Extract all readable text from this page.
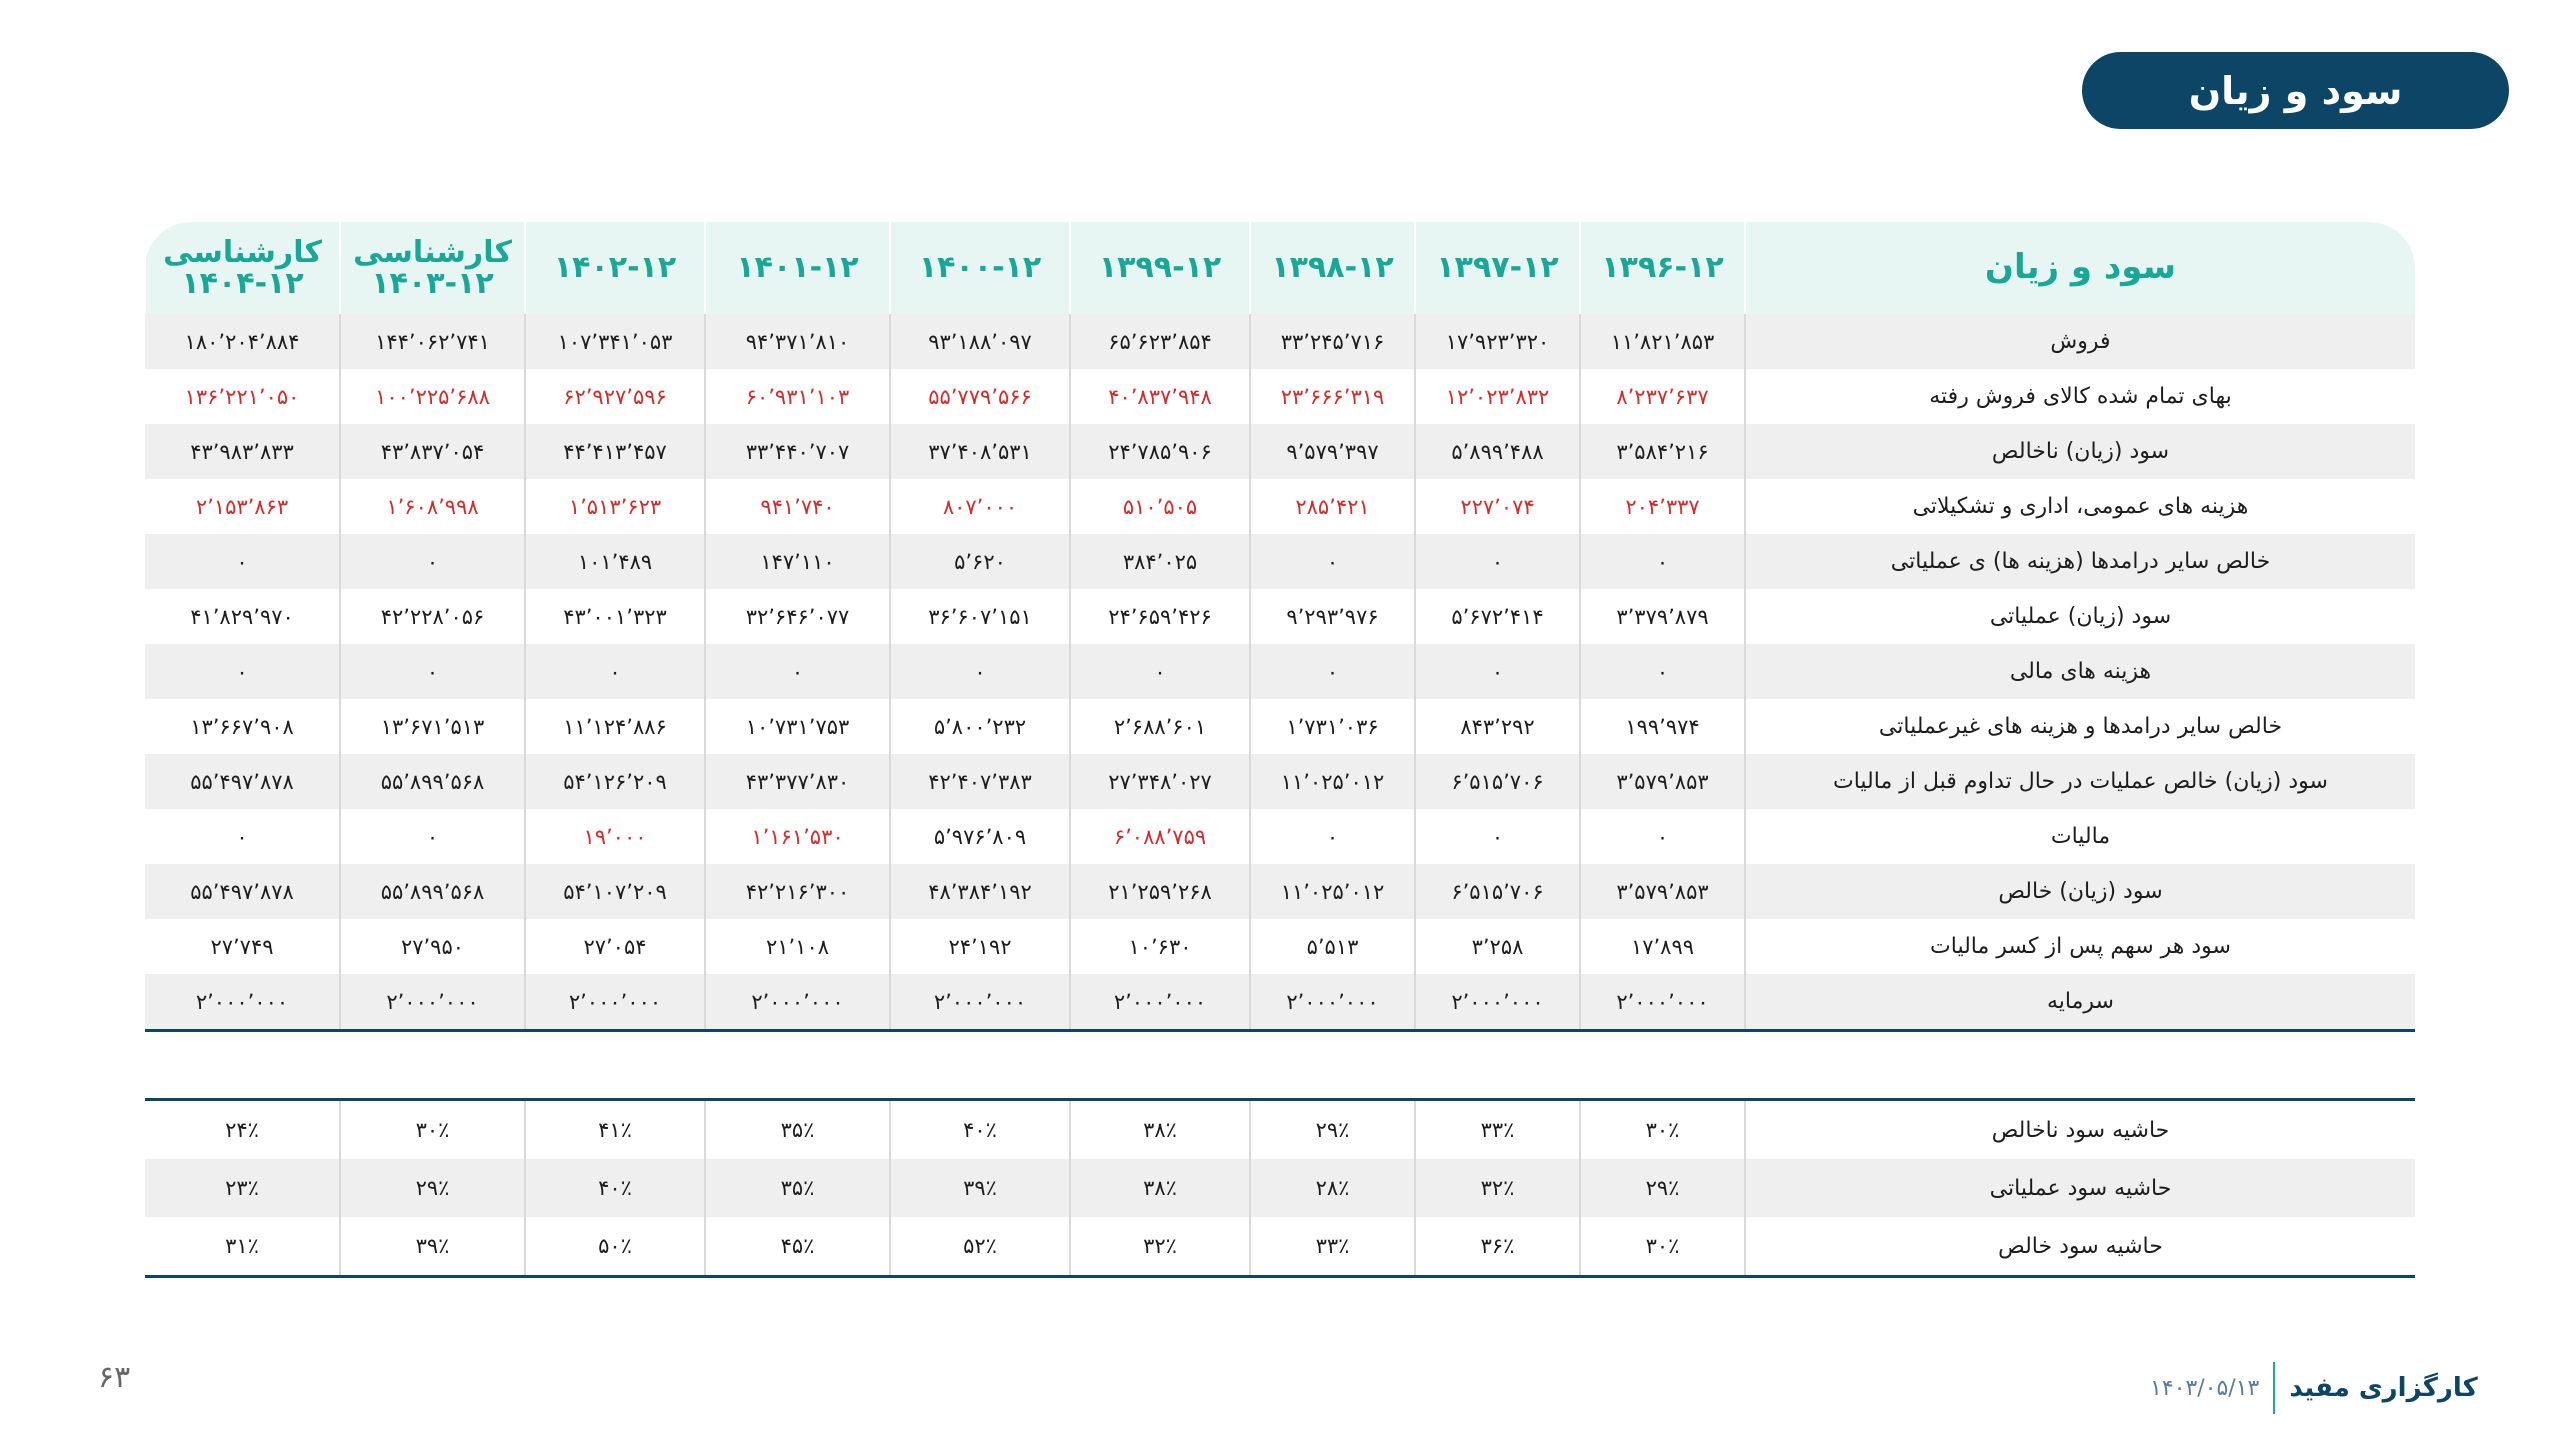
سود و زیان
سود و زیان	۱۳۹۶-۱۲	۱۳۹۷-۱۲	۱۳۹۸-۱۲	۱۳۹۹-۱۲	۱۴۰۰-۱۲	۱۴۰۱-۱۲	۱۴۰۲-۱۲	کارشناسی ۱۲-۱۴۰۳	کارشناسی ۱۲-۱۴۰۴
فروش	۱۱٬۸۲۱٬۸۵۳	۱۷٬۹۲۳٬۳۲۰	۳۳٬۲۴۵٬۷۱۶	۶۵٬۶۲۳٬۸۵۴	۹۳٬۱۸۸٬۰۹۷	۹۴٬۳۷۱٬۸۱۰	۱۰۷٬۳۴۱٬۰۵۳	۱۴۴٬۰۶۲٬۷۴۱	۱۸۰٬۲۰۴٬۸۸۴
بهای تمام شده کالای فروش رفته	۸٬۲۳۷٬۶۳۷	۱۲٬۰۲۳٬۸۳۲	۲۳٬۶۶۶٬۳۱۹	۴۰٬۸۳۷٬۹۴۸	۵۵٬۷۷۹٬۵۶۶	۶۰٬۹۳۱٬۱۰۳	۶۲٬۹۲۷٬۵۹۶	۱۰۰٬۲۲۵٬۶۸۸	۱۳۶٬۲۲۱٬۰۵۰
سود (زیان) ناخالص	۳٬۵۸۴٬۲۱۶	۵٬۸۹۹٬۴۸۸	۹٬۵۷۹٬۳۹۷	۲۴٬۷۸۵٬۹۰۶	۳۷٬۴۰۸٬۵۳۱	۳۳٬۴۴۰٬۷۰۷	۴۴٬۴۱۳٬۴۵۷	۴۳٬۸۳۷٬۰۵۴	۴۳٬۹۸۳٬۸۳۳
هزینه های عمومی، اداری و تشکیلاتی	۲۰۴٬۳۳۷	۲۲۷٬۰۷۴	۲۸۵٬۴۲۱	۵۱۰٬۵۰۵	۸۰۷٬۰۰۰	۹۴۱٬۷۴۰	۱٬۵۱۳٬۶۲۳	۱٬۶۰۸٬۹۹۸	۲٬۱۵۳٬۸۶۳
خالص سایر درامدها (هزینه ها) ی عملیاتی	۰	۰	۰	۳۸۴٬۰۲۵	۵٬۶۲۰	۱۴۷٬۱۱۰	۱۰۱٬۴۸۹	۰	۰
سود (زیان) عملیاتی	۳٬۳۷۹٬۸۷۹	۵٬۶۷۲٬۴۱۴	۹٬۲۹۳٬۹۷۶	۲۴٬۶۵۹٬۴۲۶	۳۶٬۶۰۷٬۱۵۱	۳۲٬۶۴۶٬۰۷۷	۴۳٬۰۰۱٬۳۲۳	۴۲٬۲۲۸٬۰۵۶	۴۱٬۸۲۹٬۹۷۰
هزینه های مالی	۰	۰	۰	۰	۰	۰	۰	۰	۰
خالص سایر درامدها و هزینه های غیرعملیاتی	۱۹۹٬۹۷۴	۸۴۳٬۲۹۲	۱٬۷۳۱٬۰۳۶	۲٬۶۸۸٬۶۰۱	۵٬۸۰۰٬۲۳۲	۱۰٬۷۳۱٬۷۵۳	۱۱٬۱۲۴٬۸۸۶	۱۳٬۶۷۱٬۵۱۳	۱۳٬۶۶۷٬۹۰۸
سود (زیان) خالص عملیات در حال تداوم قبل از مالیات	۳٬۵۷۹٬۸۵۳	۶٬۵۱۵٬۷۰۶	۱۱٬۰۲۵٬۰۱۲	۲۷٬۳۴۸٬۰۲۷	۴۲٬۴۰۷٬۳۸۳	۴۳٬۳۷۷٬۸۳۰	۵۴٬۱۲۶٬۲۰۹	۵۵٬۸۹۹٬۵۶۸	۵۵٬۴۹۷٬۸۷۸
مالیات	۰	۰	۰	۶٬۰۸۸٬۷۵۹	۵٬۹۷۶٬۸۰۹	۱٬۱۶۱٬۵۳۰	۱۹٬۰۰۰	۰	۰
سود (زیان) خالص	۳٬۵۷۹٬۸۵۳	۶٬۵۱۵٬۷۰۶	۱۱٬۰۲۵٬۰۱۲	۲۱٬۲۵۹٬۲۶۸	۴۸٬۳۸۴٬۱۹۲	۴۲٬۲۱۶٬۳۰۰	۵۴٬۱۰۷٬۲۰۹	۵۵٬۸۹۹٬۵۶۸	۵۵٬۴۹۷٬۸۷۸
سود هر سهم پس از کسر مالیات	۱۷٬۸۹۹	۳٬۲۵۸	۵٬۵۱۳	۱۰٬۶۳۰	۲۴٬۱۹۲	۲۱٬۱۰۸	۲۷٬۰۵۴	۲۷٬۹۵۰	۲۷٬۷۴۹
سرمایه	۲٬۰۰۰٬۰۰۰	۲٬۰۰۰٬۰۰۰	۲٬۰۰۰٬۰۰۰	۲٬۰۰۰٬۰۰۰	۲٬۰۰۰٬۰۰۰	۲٬۰۰۰٬۰۰۰	۲٬۰۰۰٬۰۰۰	۲٬۰۰۰٬۰۰۰	۲٬۰۰۰٬۰۰۰

حاشیه سود ناخالص	۳۰٪	۳۳٪	۲۹٪	۳۸٪	۴۰٪	۳۵٪	۴۱٪	۳۰٪	۲۴٪
حاشیه سود عملیاتی	۲۹٪	۳۲٪	۲۸٪	۳۸٪	۳۹٪	۳۵٪	۴۰٪	۲۹٪	۲۳٪
حاشیه سود خالص	۳۰٪	۳۶٪	۳۳٪	۳۲٪	۵۲٪	۴۵٪	۵۰٪	۳۹٪	۳۱٪
کارگزاری مفید
۱۴۰۳/۰۵/۱۳
۶۳
